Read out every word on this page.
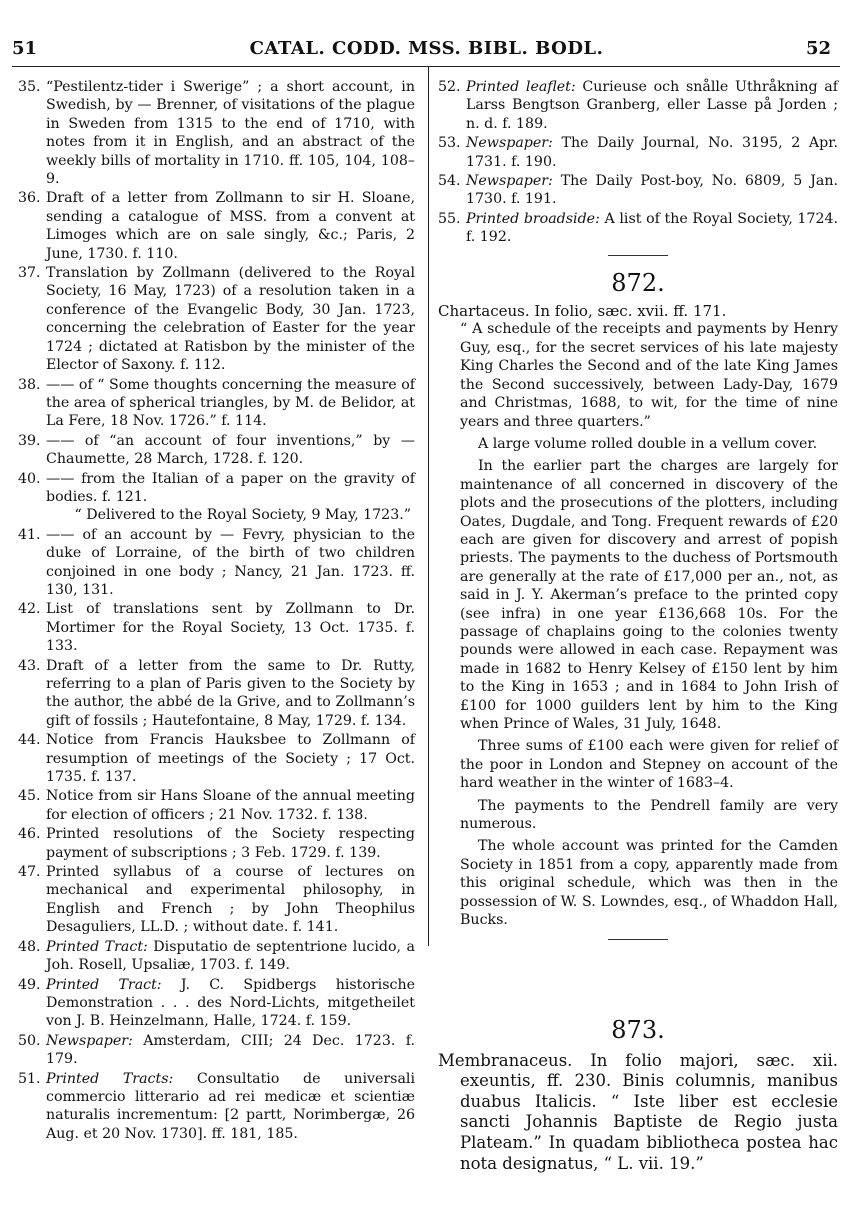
51	CATAL. CODD. MSS. BIBL. BODL.	52
35. “Pestilentz-tider i Swerige” ; a short account, in Swedish, by — Brenner, of visitations of the plague in Sweden from 1315 to the end of 1710, with notes from it in English, and an abstract of the weekly bills of mortality in 1710. ff. 105, 104, 108–9.
36. Draft of a letter from Zollmann to sir H. Sloane, sending a catalogue of MSS. from a convent at Limoges which are on sale singly, &c.; Paris, 2 June, 1730. f. 110.
37. Translation by Zollmann (delivered to the Royal Society, 16 May, 1723) of a resolution taken in a conference of the Evangelic Body, 30 Jan. 1723, concerning the celebration of Easter for the year 1724 ; dictated at Ratisbon by the minister of the Elector of Saxony. f. 112.
38. —— of “ Some thoughts concerning the measure of the area of spherical triangles, by M. de Belidor, at La Fere, 18 Nov. 1726.” f. 114.
39. —— of “an account of four inventions,” by — Chaumette, 28 March, 1728. f. 120.
40. —— from the Italian of a paper on the gravity of bodies. f. 121.
“ Delivered to the Royal Society, 9 May, 1723.”
41. —— of an account by — Fevry, physician to the duke of Lorraine, of the birth of two children conjoined in one body ; Nancy, 21 Jan. 1723. ff. 130, 131.
42. List of translations sent by Zollmann to Dr. Mortimer for the Royal Society, 13 Oct. 1735. f. 133.
43. Draft of a letter from the same to Dr. Rutty, referring to a plan of Paris given to the Society by the author, the abbé de la Grive, and to Zollmann’s gift of fossils ; Hautefontaine, 8 May, 1729. f. 134.
44. Notice from Francis Hauksbee to Zollmann of resumption of meetings of the Society ; 17 Oct. 1735. f. 137.
45. Notice from sir Hans Sloane of the annual meeting for election of officers ; 21 Nov. 1732. f. 138.
46. Printed resolutions of the Society respecting payment of subscriptions ; 3 Feb. 1729. f. 139.
47. Printed syllabus of a course of lectures on mechanical and experimental philosophy, in English and French ; by John Theophilus Desaguliers, LL.D. ; without date. f. 141.
48. Printed Tract: Disputatio de septentrione lucido, a Joh. Rosell, Upsaliæ, 1703. f. 149.
49. Printed Tract: J. C. Spidbergs historische Demonstration . . . des Nord-Lichts, mitgetheilet von J. B. Heinzelmann, Halle, 1724. f. 159.
50. Newspaper: Amsterdam, CIII; 24 Dec. 1723. f. 179.
51. Printed Tracts: Consultatio de universali commercio litterario ad rei medicæ et scientiæ naturalis incrementum: [2 partt, Norimbergæ, 26 Aug. et 20 Nov. 1730]. ff. 181, 185.
52. Printed leaflet: Curieuse och snålle Uthråkning af Larss Bengtson Granberg, eller Lasse på Jorden ; n. d. f. 189.
53. Newspaper: The Daily Journal, No. 3195, 2 Apr. 1731. f. 190.
54. Newspaper: The Daily Post-boy, No. 6809, 5 Jan. 1730. f. 191.
55. Printed broadside: A list of the Royal Society, 1724. f. 192.
872.
Chartaceus. In folio, sæc. xvii. ff. 171.
“ A schedule of the receipts and payments by Henry Guy, esq., for the secret services of his late majesty King Charles the Second and of the late King James the Second successively, between Lady-Day, 1679 and Christmas, 1688, to wit, for the time of nine years and three quarters.”
A large volume rolled double in a vellum cover.
In the earlier part the charges are largely for maintenance of all concerned in discovery of the plots and the prosecutions of the plotters, including Oates, Dugdale, and Tong. Frequent rewards of £20 each are given for discovery and arrest of popish priests. The payments to the duchess of Portsmouth are generally at the rate of £17,000 per an., not, as said in J. Y. Akerman’s preface to the printed copy (see infra) in one year £136,668 10s. For the passage of chaplains going to the colonies twenty pounds were allowed in each case. Repayment was made in 1682 to Henry Kelsey of £150 lent by him to the King in 1653 ; and in 1684 to John Irish of £100 for 1000 guilders lent by him to the King when Prince of Wales, 31 July, 1648.
Three sums of £100 each were given for relief of the poor in London and Stepney on account of the hard weather in the winter of 1683–4.
The payments to the Pendrell family are very numerous.
The whole account was printed for the Camden Society in 1851 from a copy, apparently made from this original schedule, which was then in the possession of W. S. Lowndes, esq., of Whaddon Hall, Bucks.
873.
Membranaceus. In folio majori, sæc. xii. exeuntis, ff. 230. Binis columnis, manibus duabus Italicis. “ Iste liber est ecclesie sancti Johannis Baptiste de Regio justa Plateam.” In quadam bibliotheca postea hac nota designatus, “ L. vii. 19.”
